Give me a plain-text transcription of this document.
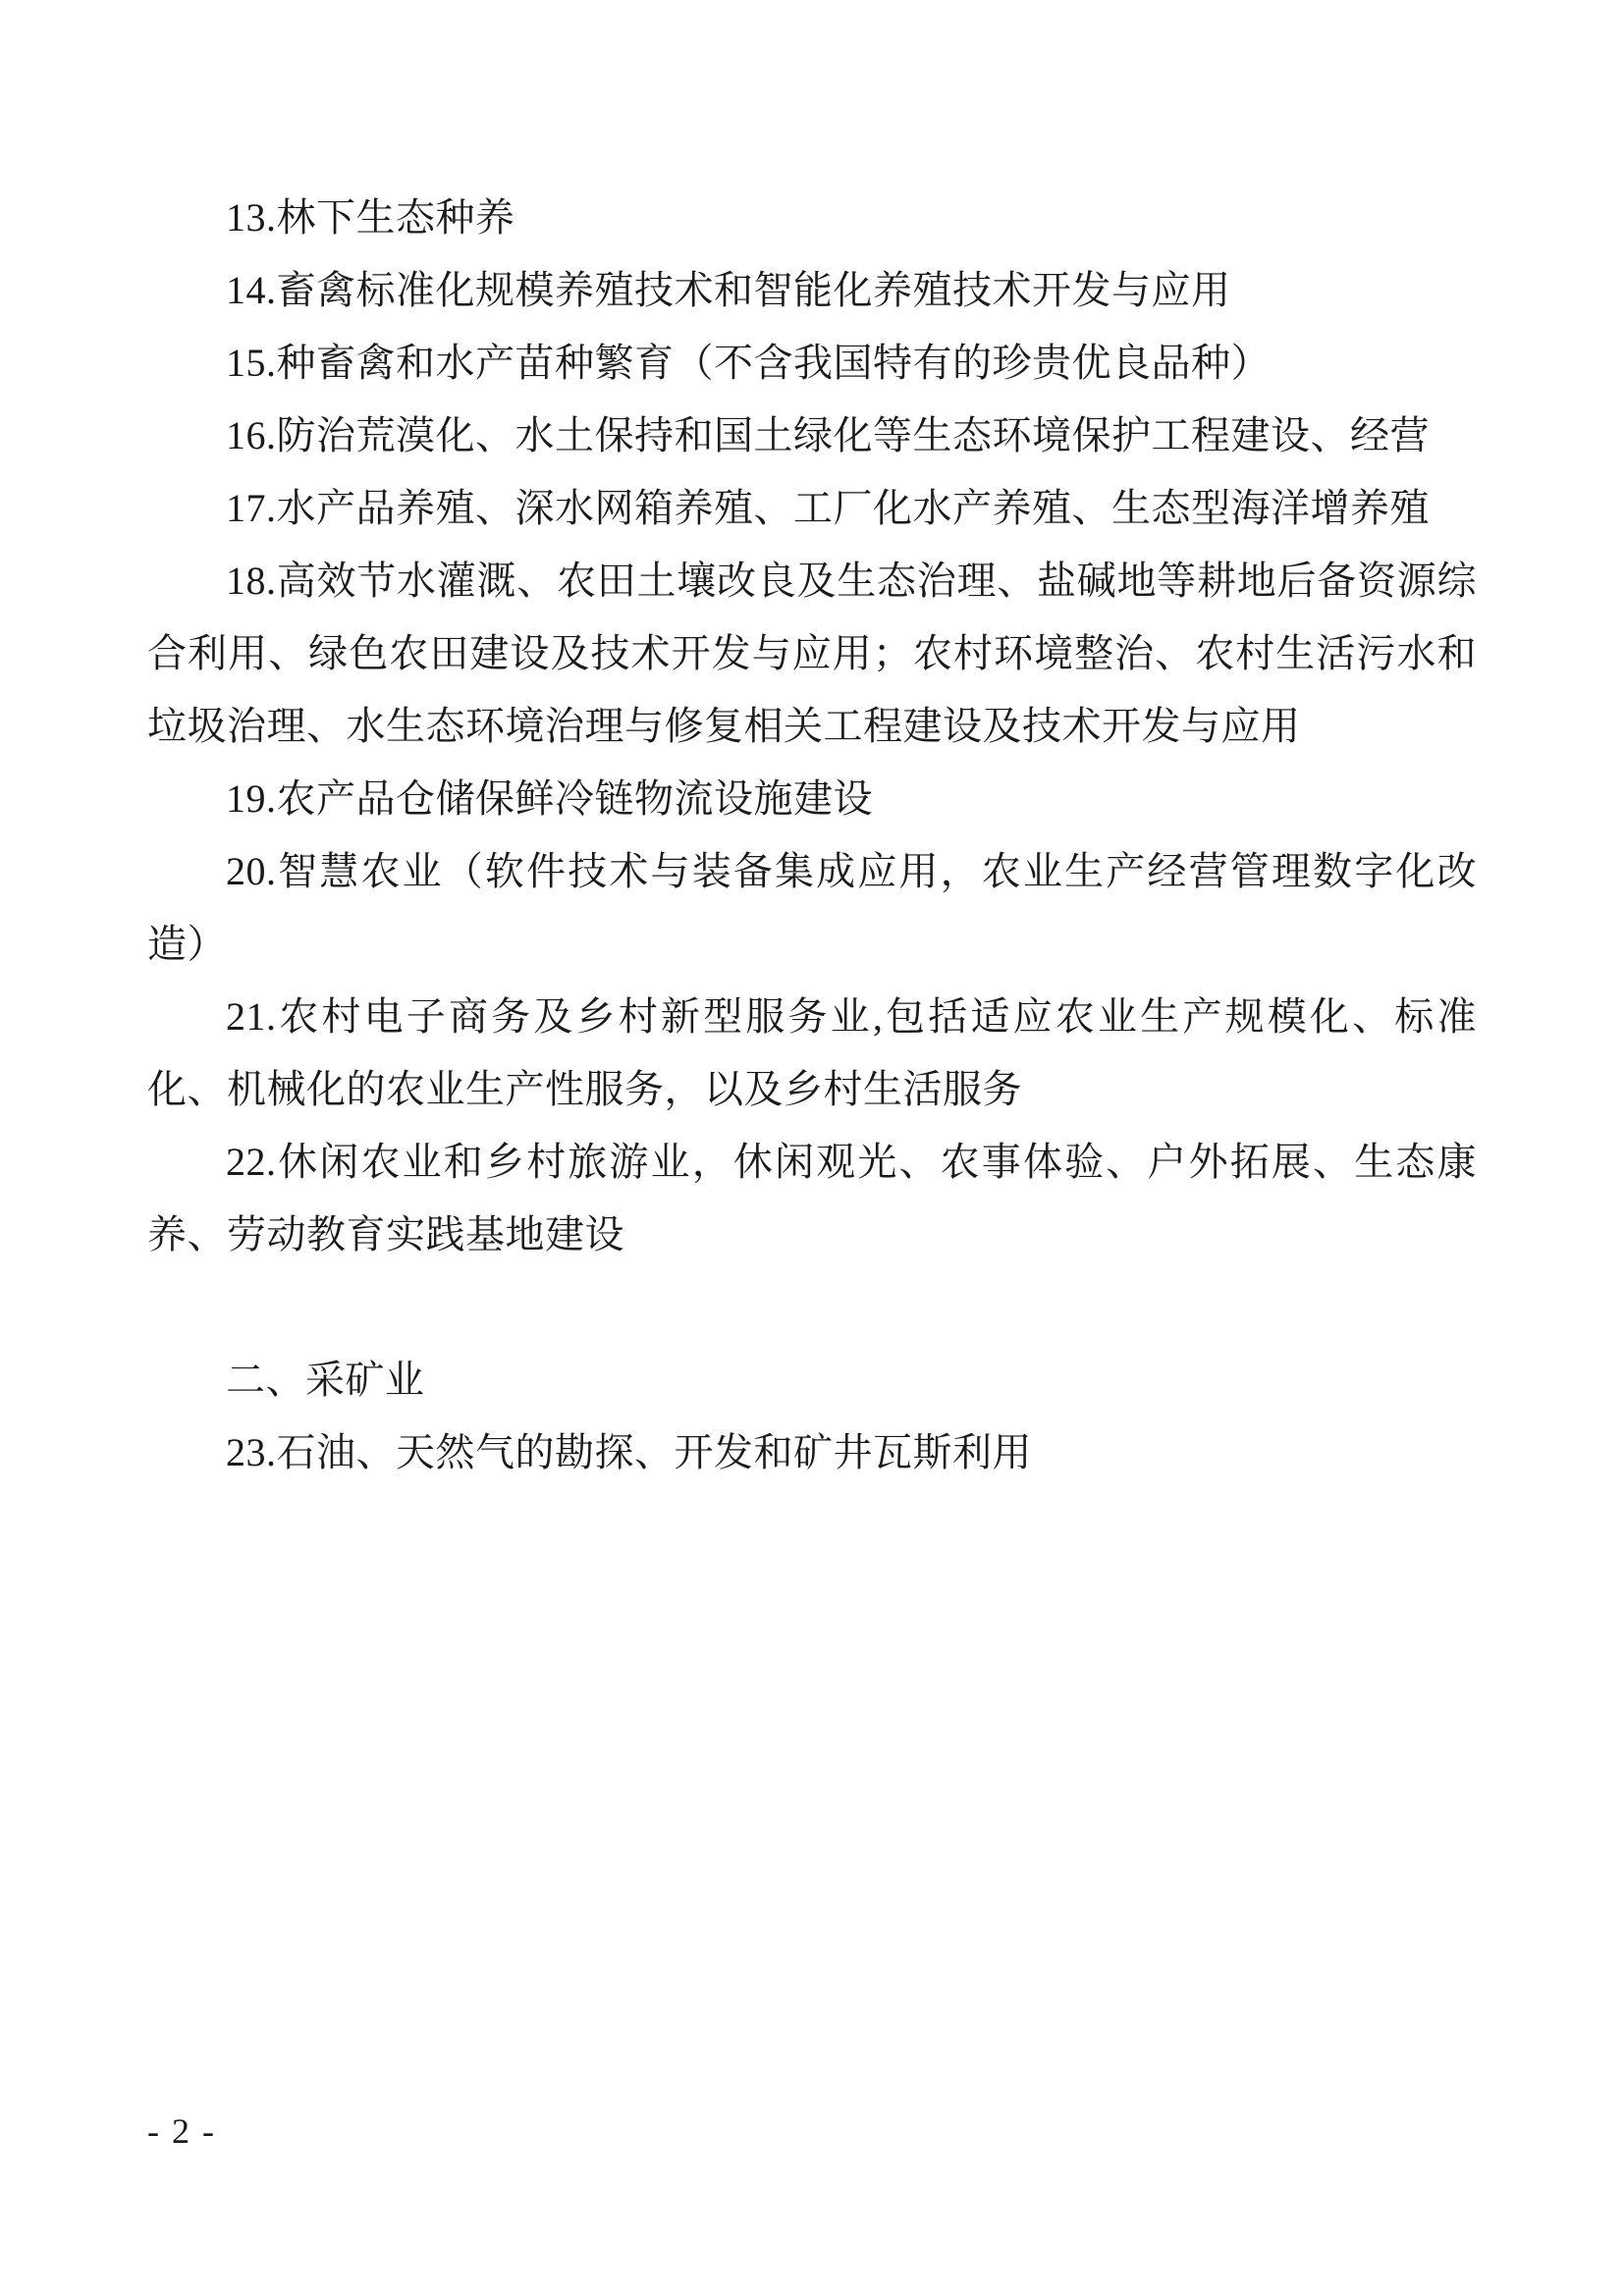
13.林下生态种养

14.畜禽标准化规模养殖技术和智能化养殖技术开发与应用

15.种畜禽和水产苗种繁育（不含我国特有的珍贵优良品种）

16.防治荒漠化、水土保持和国土绿化等生态环境保护工程建设、经营

17.水产品养殖、深水网箱养殖、工厂化水产养殖、生态型海洋增养殖

18.高效节水灌溉、农田土壤改良及生态治理、盐碱地等耕地后备资源综合利用、绿色农田建设及技术开发与应用；农村环境整治、农村生活污水和垃圾治理、水生态环境治理与修复相关工程建设及技术开发与应用

19.农产品仓储保鲜冷链物流设施建设

20.智慧农业（软件技术与装备集成应用，农业生产经营管理数字化改造）

21.农村电子商务及乡村新型服务业,包括适应农业生产规模化、标准化、机械化的农业生产性服务，以及乡村生活服务

22.休闲农业和乡村旅游业，休闲观光、农事体验、户外拓展、生态康养、劳动教育实践基地建设

二、采矿业

23.石油、天然气的勘探、开发和矿井瓦斯利用

- 2 -
